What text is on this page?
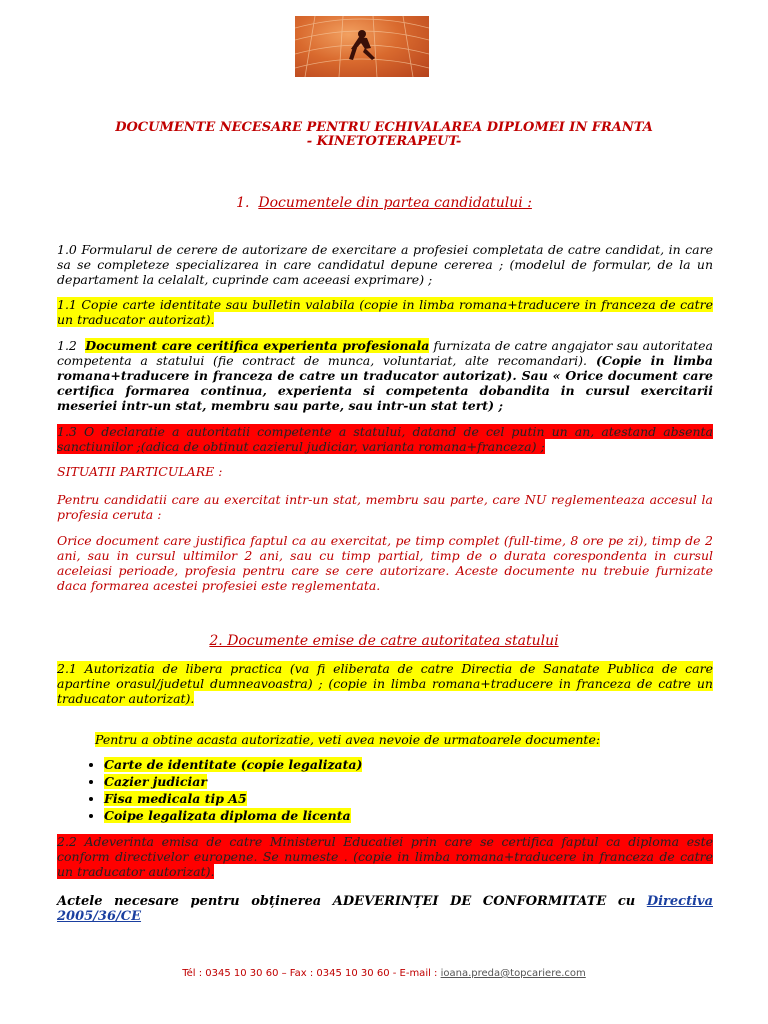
DOCUMENTE NECESARE PENTRU ECHIVALAREA DIPLOMEI IN FRANTA
- KINETOTERAPEUT-
1. Documentele din partea candidatului :
1.0 Formularul de cerere de autorizare de exercitare a profesiei completata de catre candidat, in care sa se completeze specializarea in care candidatul depune cererea ; (modelul de formular, de la un departament la celalalt, cuprinde cam aceeasi exprimare) ;
1.1 Copie carte identitate sau bulletin valabila (copie in limba romana+traducere in franceza de catre un traducator autorizat).
1.2 Document care ceritifica experienta profesionala furnizata de catre angajator sau autoritatea competenta a statului (fie contract de munca, voluntariat, alte recomandari). (Copie in limba romana+traducere in franceza de catre un traducator autorizat). Sau « Orice document care certifica formarea continua, experienta si competenta dobandita in cursul exercitarii meseriei intr-un stat, membru sau parte, sau intr-un stat tert) ;
1.3 O declaratie a autoritatii competente a statului, datand de cel putin un an, atestand absenta sanctiunilor ;(adica de obtinut cazierul judiciar, varianta romana+franceza) ;
SITUATII PARTICULARE :
Pentru candidatii care au exercitat intr-un stat, membru sau parte, care NU reglementeaza accesul la profesia ceruta :
Orice document care justifica faptul ca au exercitat, pe timp complet (full-time, 8 ore pe zi), timp de 2 ani, sau in cursul ultimilor 2 ani, sau cu timp partial, timp de o durata corespondenta in cursul aceleiasi perioade, profesia pentru care se cere autorizare. Aceste documente nu trebuie furnizate daca formarea acestei profesiei este reglementata.
2. Documente emise de catre autoritatea statului
2.1 Autorizatia de libera practica (va fi eliberata de catre Directia de Sanatate Publica de care apartine orasul/judetul dumneavoastra) ; (copie in limba romana+traducere in franceza de catre un traducator autorizat).
Pentru a obtine acasta autorizatie, veti avea nevoie de urmatoarele documente:
• Carte de identitate (copie legalizata)
• Cazier judiciar
• Fisa medicala tip A5
• Coipe legalizata diploma de licenta
2.2 Adeverinta emisa de catre Ministerul Educatiei prin care se certifica faptul ca diploma este conform directivelor europene. Se numeste . (copie in limba romana+traducere in franceza de catre un traducator autorizat).
Actele necesare pentru obținerea ADEVERINȚEI DE CONFORMITATE cu Directiva 2005/36/CE
Tél : 0345 10 30 60 – Fax : 0345 10 30 60 - E-mail : ioana.preda@topcariere.com
